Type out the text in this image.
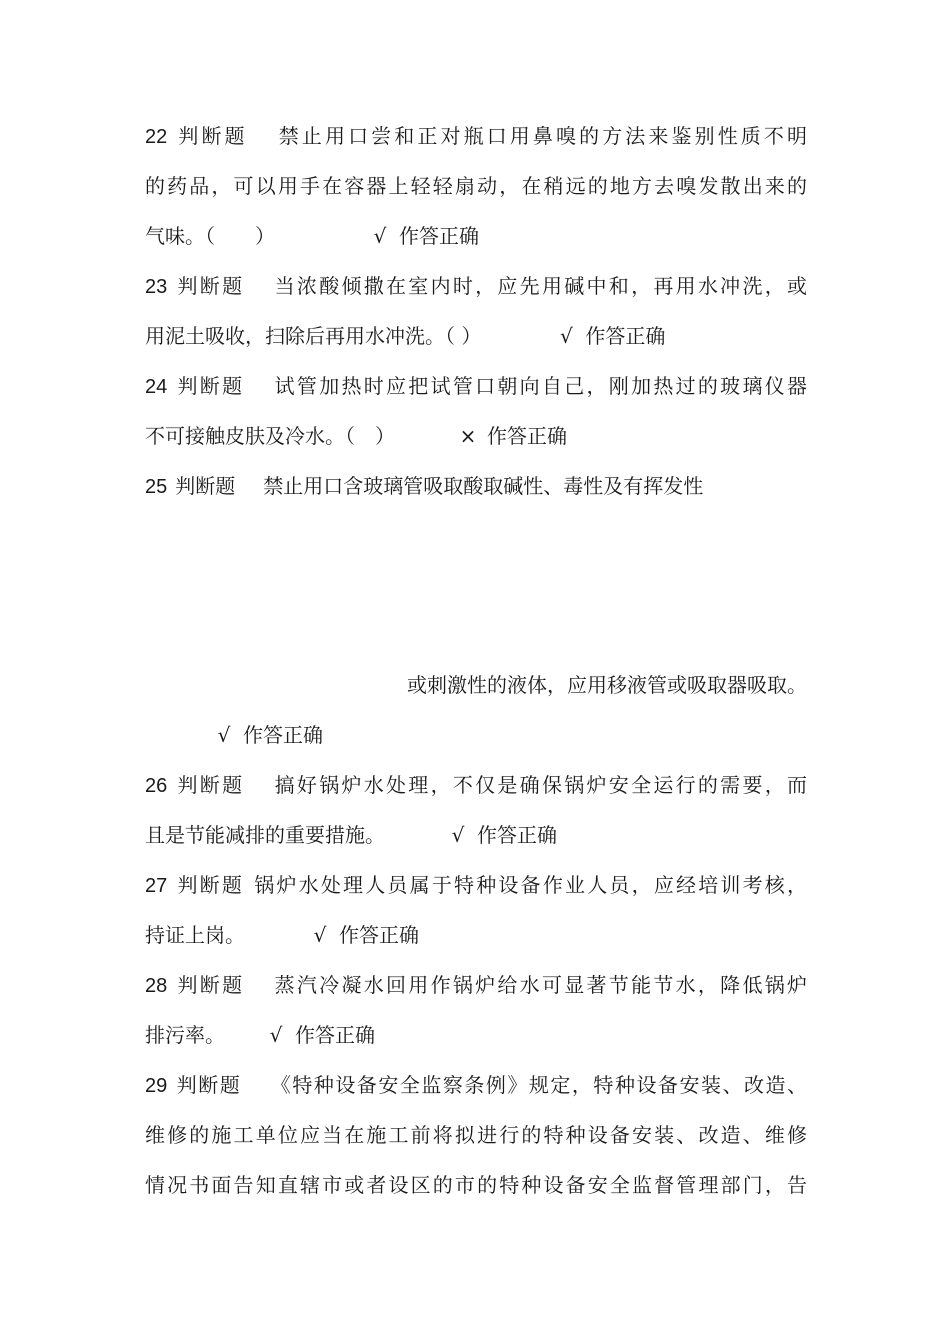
22 判断题 禁止用口尝和正对瓶口用鼻嗅的方法来鉴别性质不明
的药品，可以用手在容器上轻轻扇动，在稍远的地方去嗅发散出来的
气味。（　　）	√ 作答正确
23 判断题 当浓酸倾撒在室内时，应先用碱中和，再用水冲洗，或
用泥土吸收，扫除后再用水冲洗。（ ）	√ 作答正确
24 判断题 试管加热时应把试管口朝向自己，刚加热过的玻璃仪器
不可接触皮肤及冷水。（　）	× 作答正确
25 判断题 禁止用口含玻璃管吸取酸取碱性、毒性及有挥发性
或刺激性的液体，应用移液管或吸取器吸取。
√ 作答正确
26 判断题 搞好锅炉水处理，不仅是确保锅炉安全运行的需要，而
且是节能减排的重要措施。	√ 作答正确
27 判断题 锅炉水处理人员属于特种设备作业人员，应经培训考核，
持证上岗。	√ 作答正确
28 判断题 蒸汽冷凝水回用作锅炉给水可显著节能节水，降低锅炉
排污率。 √ 作答正确
29 判断题 《特种设备安全监察条例》规定，特种设备安装、改造、
维修的施工单位应当在施工前将拟进行的特种设备安装、改造、维修
情况书面告知直辖市或者设区的市的特种设备安全监督管理部门，告
